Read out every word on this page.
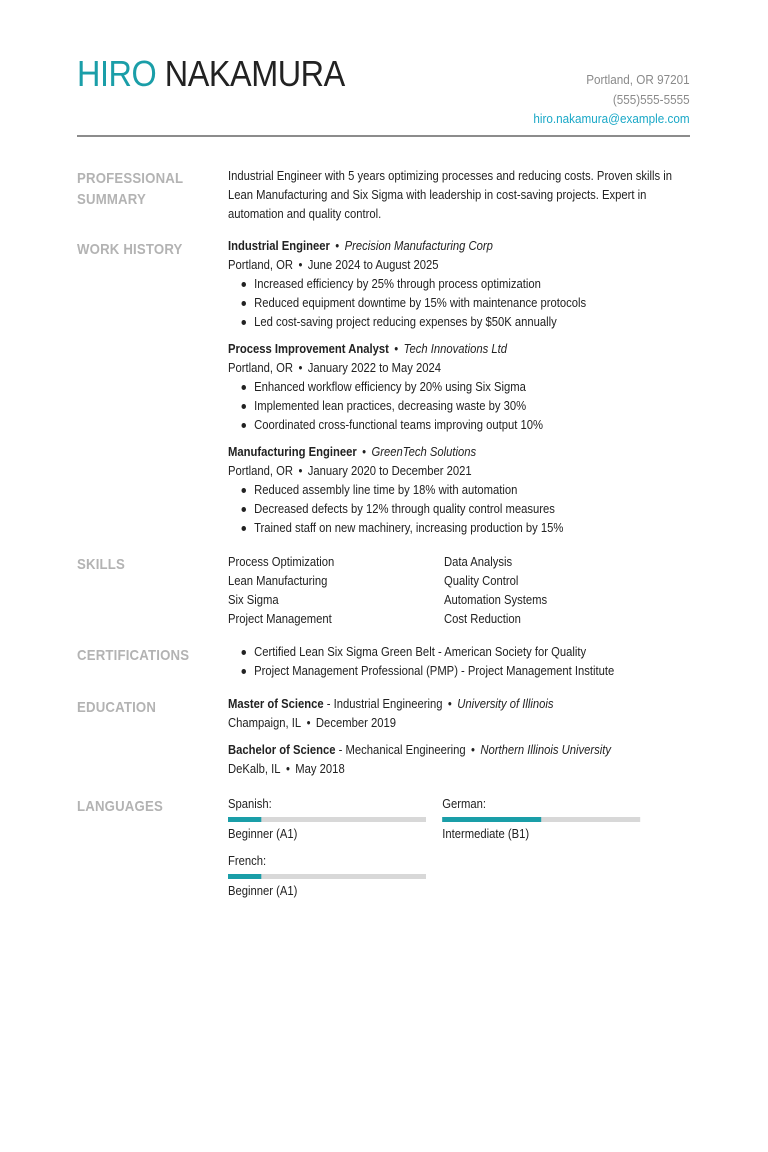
HIRO NAKAMURA	Portland, OR 97201
(555)555-5555
hiro.nakamura@example.com
PROFESSIONAL
SUMMARY
Industrial Engineer with 5 years optimizing processes and reducing costs. Proven skills in Lean Manufacturing and Six Sigma with leadership in cost-saving projects. Expert in automation and quality control.
WORK HISTORY	Industrial Engineer • Precision Manufacturing Corp
Portland, OR • June 2024 to August 2025
Increased efficiency by 25% through process optimization
Reduced equipment downtime by 15% with maintenance protocols
Led cost-saving project reducing expenses by $50K annually
Process Improvement Analyst • Tech Innovations Ltd
Portland, OR • January 2022 to May 2024
Enhanced workflow efficiency by 20% using Six Sigma
Implemented lean practices, decreasing waste by 30%
Coordinated cross-functional teams improving output 10%
Manufacturing Engineer • GreenTech Solutions
Portland, OR • January 2020 to December 2021
Reduced assembly line time by 18% with automation
Decreased defects by 12% through quality control measures
Trained staff on new machinery, increasing production by 15%
SKILLS	Process Optimization	Data Analysis
Lean Manufacturing	Quality Control
Six Sigma	Automation Systems
Project Management	Cost Reduction
CERTIFICATIONS	Certified Lean Six Sigma Green Belt - American Society for Quality
Project Management Professional (PMP) - Project Management Institute
EDUCATION	Master of Science - Industrial Engineering • University of Illinois
Champaign, IL • December 2019
Bachelor of Science - Mechanical Engineering • Northern Illinois University
DeKalb, IL • May 2018
LANGUAGES	Spanish:
Beginner (A1)
German:
Intermediate (B1)
French:
Beginner (A1)
